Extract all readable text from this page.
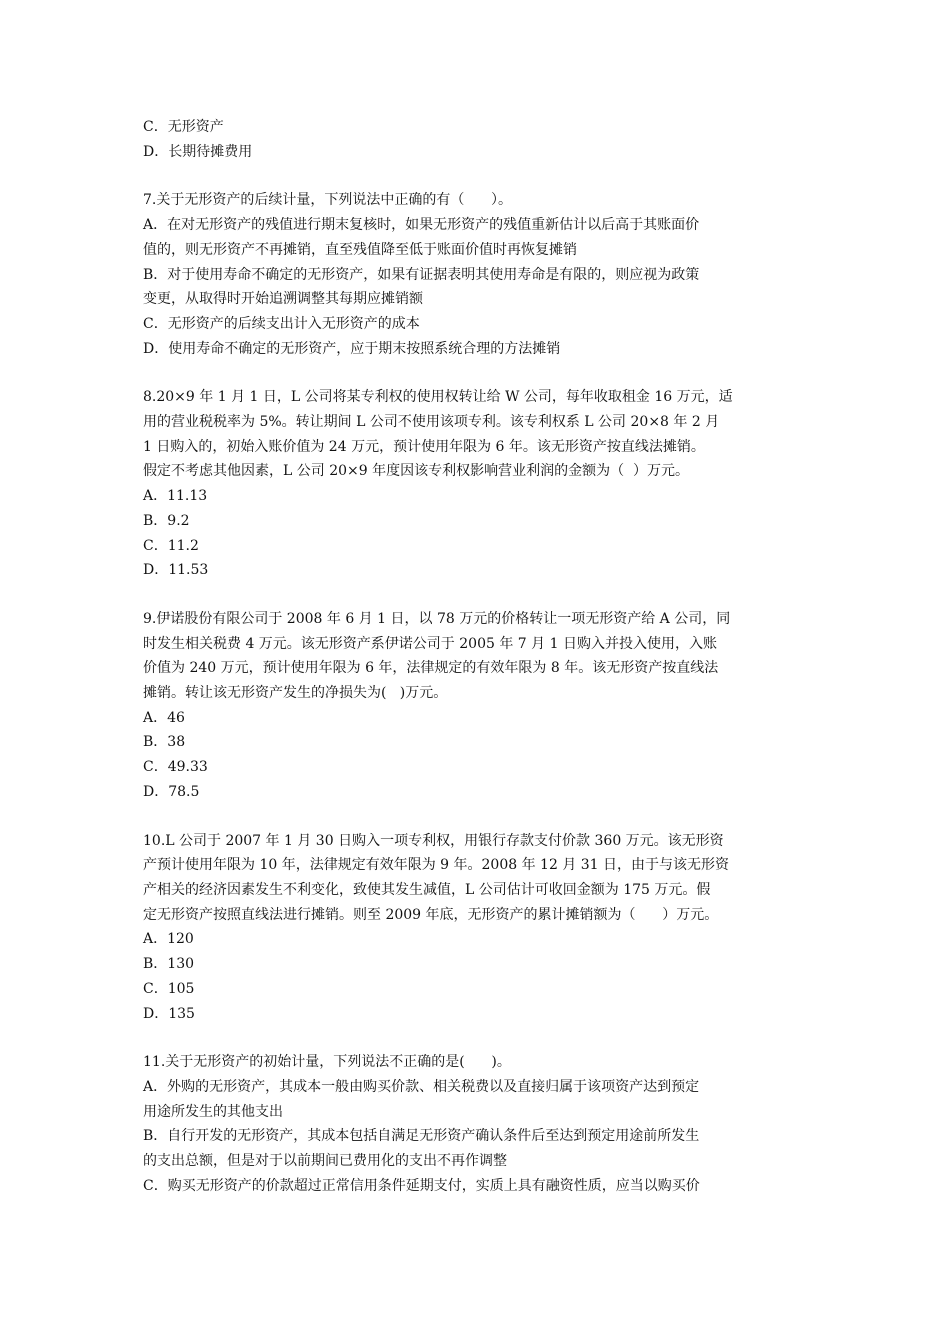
C．无形资产
D．长期待摊费用
7.关于无形资产的后续计量，下列说法中正确的有（      ）。
A．在对无形资产的残值进行期末复核时，如果无形资产的残值重新估计以后高于其账面价
值的，则无形资产不再摊销，直至残值降至低于账面价值时再恢复摊销
B．对于使用寿命不确定的无形资产，如果有证据表明其使用寿命是有限的，则应视为政策
变更，从取得时开始追溯调整其每期应摊销额
C．无形资产的后续支出计入无形资产的成本
D．使用寿命不确定的无形资产，应于期末按照系统合理的方法摊销
8.20×9 年 1 月 1 日，L 公司将某专利权的使用权转让给 W 公司，每年收取租金 16 万元，适
用的营业税税率为 5%。转让期间 L 公司不使用该项专利。该专利权系 L 公司 20×8 年 2 月
1 日购入的，初始入账价值为 24 万元，预计使用年限为 6 年。该无形资产按直线法摊销。
假定不考虑其他因素，L 公司 20×9 年度因该专利权影响营业利润的金额为（  ）万元。
A．11.13
B．9.2
C．11.2
D．11.53
9.伊诺股份有限公司于 2008 年 6 月 1 日，以 78 万元的价格转让一项无形资产给 A 公司，同
时发生相关税费 4 万元。该无形资产系伊诺公司于 2005 年 7 月 1 日购入并投入使用，入账
价值为 240 万元，预计使用年限为 6 年，法律规定的有效年限为 8 年。该无形资产按直线法
摊销。转让该无形资产发生的净损失为(   )万元。
A．46
B．38
C．49.33
D．78.5
10.L 公司于 2007 年 1 月 30 日购入一项专利权，用银行存款支付价款 360 万元。该无形资
产预计使用年限为 10 年，法律规定有效年限为 9 年。2008 年 12 月 31 日，由于与该无形资
产相关的经济因素发生不利变化，致使其发生减值，L 公司估计可收回金额为 175 万元。假
定无形资产按照直线法进行摊销。则至 2009 年底，无形资产的累计摊销额为（      ）万元。
A．120
B．130
C．105
D．135
11.关于无形资产的初始计量，下列说法不正确的是(      )。
A．外购的无形资产，其成本一般由购买价款、相关税费以及直接归属于该项资产达到预定
用途所发生的其他支出
B．自行开发的无形资产，其成本包括自满足无形资产确认条件后至达到预定用途前所发生
的支出总额，但是对于以前期间已费用化的支出不再作调整
C．购买无形资产的价款超过正常信用条件延期支付，实质上具有融资性质，应当以购买价
